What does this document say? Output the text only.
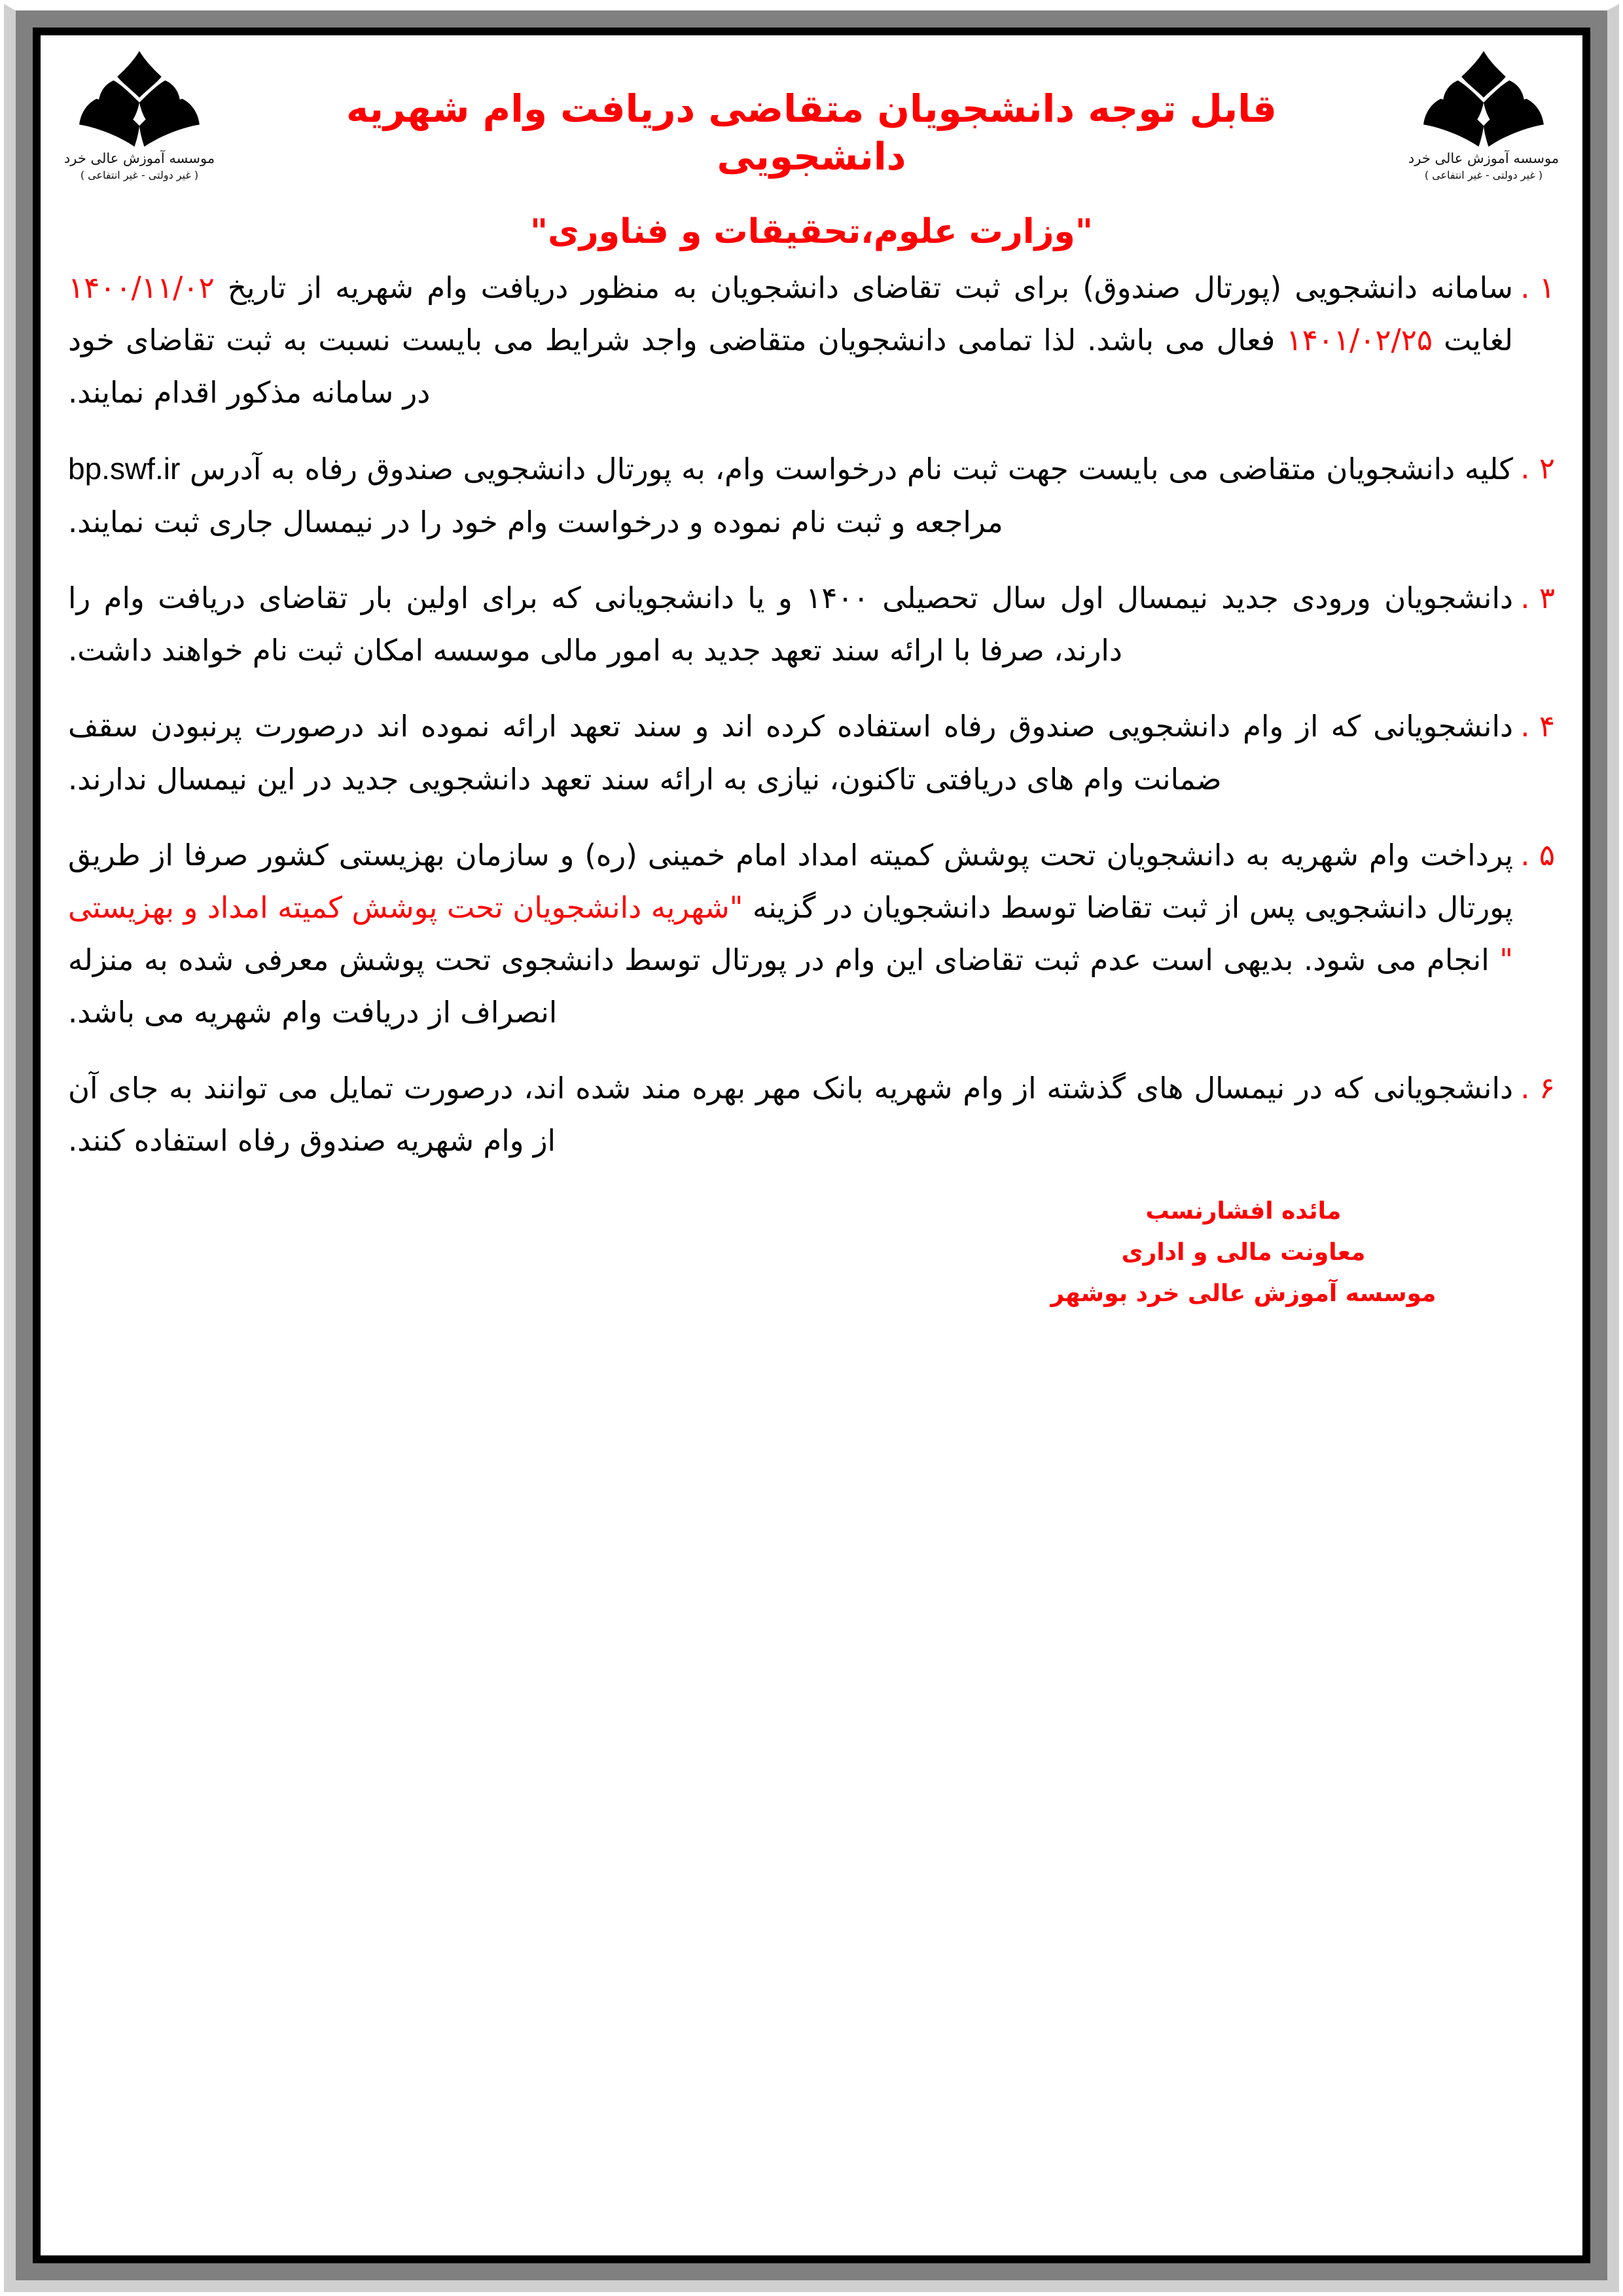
موسسه آموزش عالی خرد
( غیر دولتی - غیر انتفاعی )
موسسه آموزش عالی خرد
( غیر دولتی - غیر انتفاعی )
قابل توجه دانشجویان متقاضی دریافت وام شهریه دانشجویی
"وزارت علوم،تحقیقات و فناوری"
سامانه دانشجویی (پورتال صندوق) برای ثبت تقاضای دانشجویان به منظور دریافت وام شهریه از تاریخ ۱۴۰۰/۱۱/۰۲ لغایت ۱۴۰۱/۰۲/۲۵ فعال می باشد. لذا تمامی دانشجویان متقاضی واجد شرایط می بایست نسبت به ثبت تقاضای خود در سامانه مذکور اقدام نمایند.
کلیه دانشجویان متقاضی می بایست جهت ثبت نام درخواست وام، به پورتال دانشجویی صندوق رفاه به آدرس bp.swf.ir مراجعه و ثبت نام نموده و درخواست وام خود را در نیمسال جاری ثبت نمایند.
دانشجویان ورودی جدید نیمسال اول سال تحصیلی ۱۴۰۰ و یا دانشجویانی که برای اولین بار تقاضای دریافت وام را دارند، صرفا با ارائه سند تعهد جدید به امور مالی موسسه امکان ثبت نام خواهند داشت.
دانشجویانی که از وام دانشجویی صندوق رفاه استفاده کرده اند و سند تعهد ارائه نموده اند درصورت پرنبودن سقف ضمانت وام های دریافتی تاکنون، نیازی به ارائه سند تعهد دانشجویی جدید در این نیمسال ندارند.
پرداخت وام شهریه به دانشجویان تحت پوشش کمیته امداد امام خمینی (ره) و سازمان بهزیستی کشور صرفا از طریق پورتال دانشجویی پس از ثبت تقاضا توسط دانشجویان در گزینه "شهریه دانشجویان تحت پوشش کمیته امداد و بهزیستی " انجام می شود. بدیهی است عدم ثبت تقاضای این وام در پورتال توسط دانشجوی تحت پوشش معرفی شده به منزله انصراف از دریافت وام شهریه می باشد.
دانشجویانی که در نیمسال های گذشته از وام شهریه بانک مهر بهره مند شده اند، درصورت تمایل می توانند به جای آن از وام شهریه صندوق رفاه استفاده کنند.
مائده افشارنسب
معاونت مالی و اداری
موسسه آموزش عالی خرد بوشهر
